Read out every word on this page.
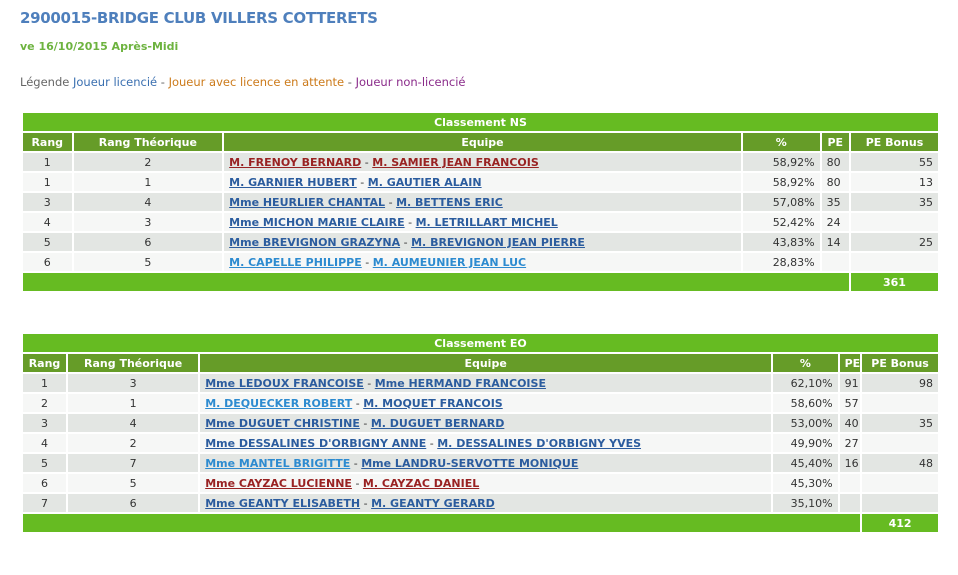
2900015-BRIDGE CLUB VILLERS COTTERETS
ve 16/10/2015 Après-Midi
Légende Joueur licencié - Joueur avec licence en attente - Joueur non-licencié
Classement NS					
Rang	Rang Théorique	Equipe	%	PE	PE Bonus
1	2	M. FRENOY BERNARD - M. SAMIER JEAN FRANCOIS	58,92%	80	55
1	1	M. GARNIER HUBERT - M. GAUTIER ALAIN	58,92%	80	13
3	4	Mme HEURLIER CHANTAL - M. BETTENS ERIC	57,08%	35	35
4	3	Mme MICHON MARIE CLAIRE - M. LETRILLART MICHEL	52,42%	24	
5	6	Mme BREVIGNON GRAZYNA - M. BREVIGNON JEAN PIERRE	43,83%	14	25
6	5	M. CAPELLE PHILIPPE - M. AUMEUNIER JEAN LUC	28,83%		
					361
Classement EO					
Rang	Rang Théorique	Equipe	%	PE	PE Bonus
1	3	Mme LEDOUX FRANCOISE - Mme HERMAND FRANCOISE	62,10%	91	98
2	1	M. DEQUECKER ROBERT - M. MOQUET FRANCOIS	58,60%	57	
3	4	Mme DUGUET CHRISTINE - M. DUGUET BERNARD	53,00%	40	35
4	2	Mme DESSALINES D'ORBIGNY ANNE - M. DESSALINES D'ORBIGNY YVES	49,90%	27	
5	7	Mme MANTEL BRIGITTE - Mme LANDRU-SERVOTTE MONIQUE	45,40%	16	48
6	5	Mme CAYZAC LUCIENNE - M. CAYZAC DANIEL	45,30%		
7	6	Mme GEANTY ELISABETH - M. GEANTY GERARD	35,10%		
					412
